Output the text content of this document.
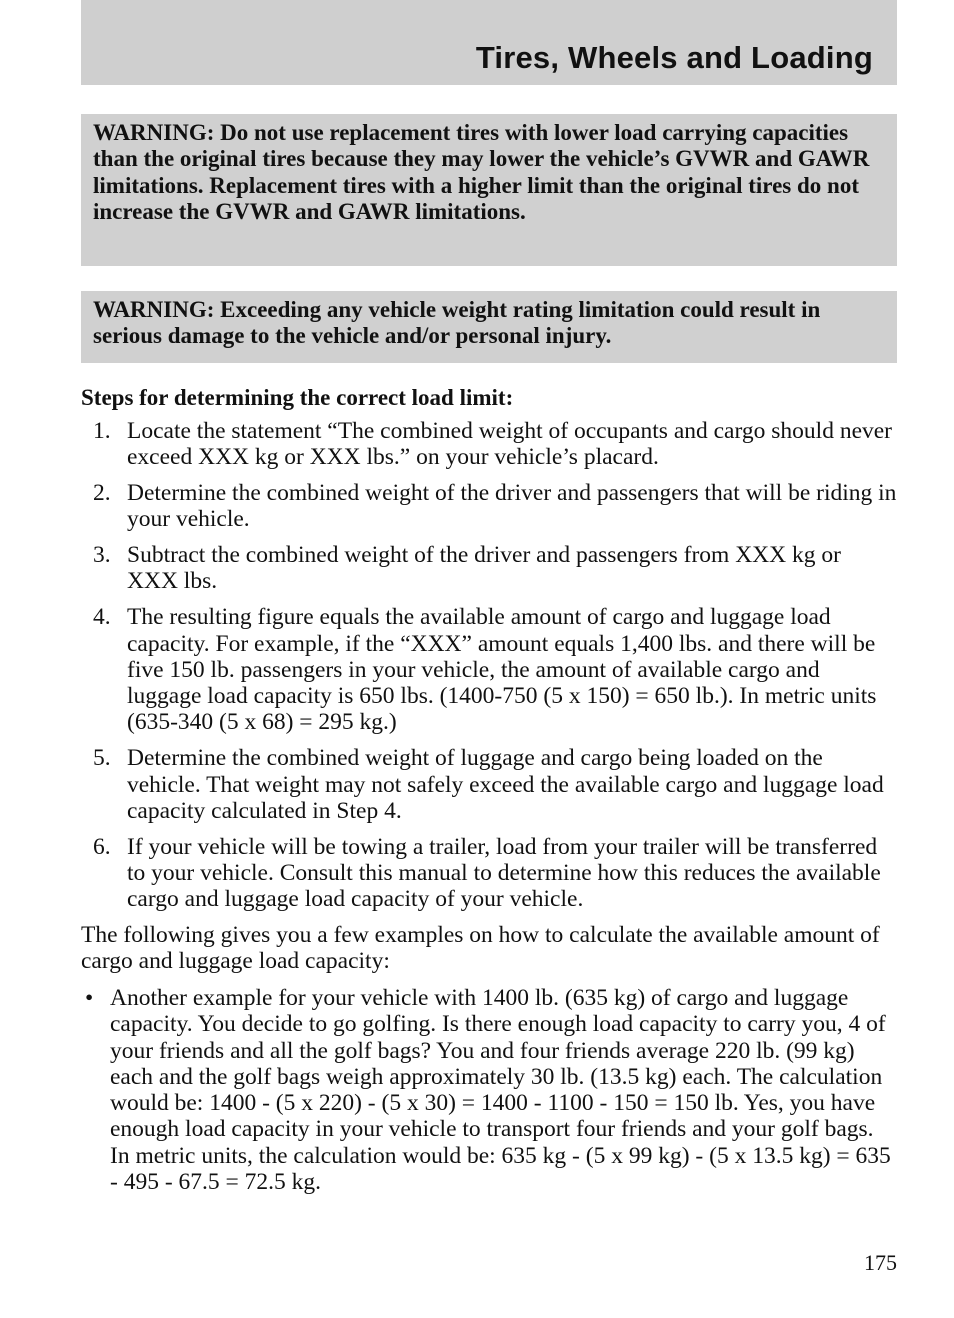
Tires, Wheels and Loading
WARNING: Do not use replacement tires with lower load carrying capacities than the original tires because they may lower the vehicle’s GVWR and GAWR limitations. Replacement tires with a higher limit than the original tires do not increase the GVWR and GAWR limitations.
WARNING: Exceeding any vehicle weight rating limitation could result in serious damage to the vehicle and/or personal injury.
Steps for determining the correct load limit:
1. Locate the statement “The combined weight of occupants and cargo should never exceed XXX kg or XXX lbs.” on your vehicle’s placard.
2. Determine the combined weight of the driver and passengers that will be riding in your vehicle.
3. Subtract the combined weight of the driver and passengers from XXX kg or XXX lbs.
4. The resulting figure equals the available amount of cargo and luggage load capacity. For example, if the “XXX” amount equals 1,400 lbs. and there will be five 150 lb. passengers in your vehicle, the amount of available cargo and luggage load capacity is 650 lbs. (1400-750 (5 x 150) = 650 lb.). In metric units (635-340 (5 x 68) = 295 kg.)
5. Determine the combined weight of luggage and cargo being loaded on the vehicle. That weight may not safely exceed the available cargo and luggage load capacity calculated in Step 4.
6. If your vehicle will be towing a trailer, load from your trailer will be transferred to your vehicle. Consult this manual to determine how this reduces the available cargo and luggage load capacity of your vehicle.
The following gives you a few examples on how to calculate the available amount of cargo and luggage load capacity:
• Another example for your vehicle with 1400 lb. (635 kg) of cargo and luggage capacity. You decide to go golfing. Is there enough load capacity to carry you, 4 of your friends and all the golf bags? You and four friends average 220 lb. (99 kg) each and the golf bags weigh approximately 30 lb. (13.5 kg) each. The calculation would be: 1400 - (5 x 220) - (5 x 30) = 1400 - 1100 - 150 = 150 lb. Yes, you have enough load capacity in your vehicle to transport four friends and your golf bags. In metric units, the calculation would be: 635 kg - (5 x 99 kg) - (5 x 13.5 kg) = 635 - 495 - 67.5 = 72.5 kg.
175
